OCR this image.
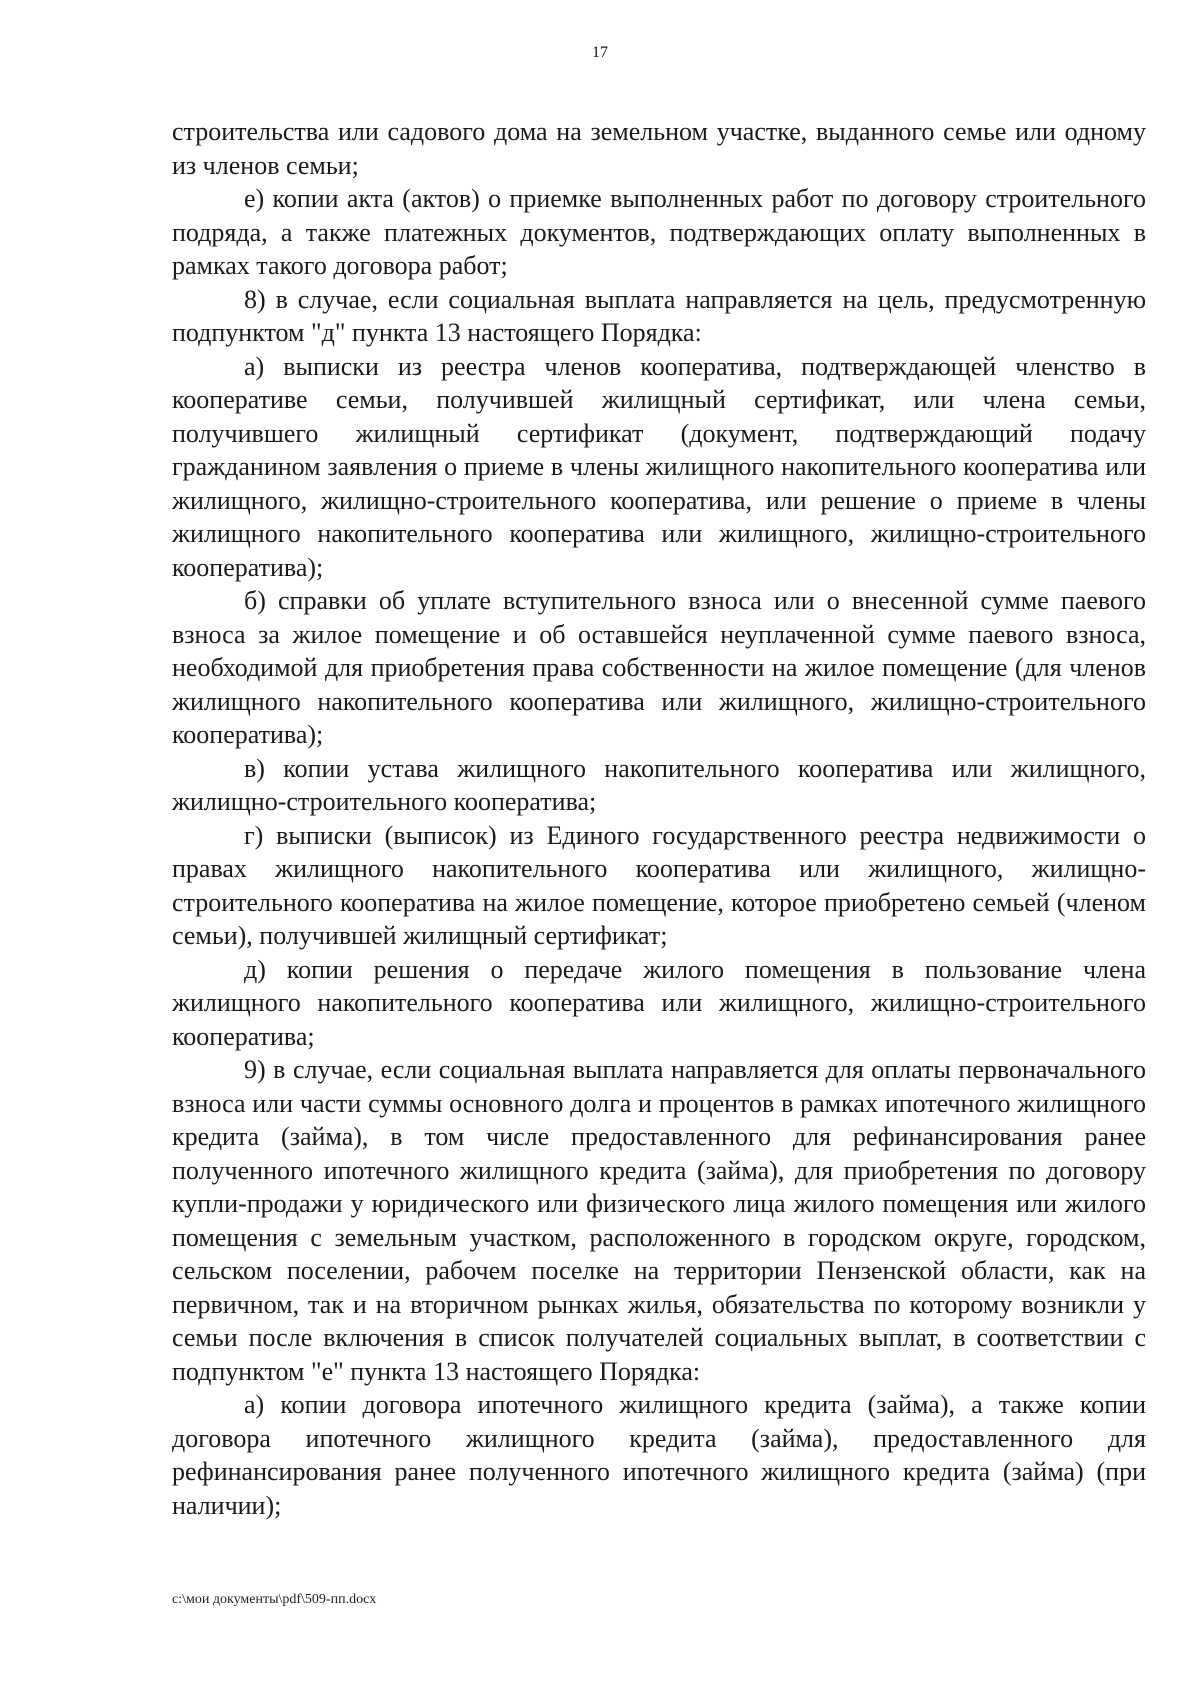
17

строительства или садового дома на земельном участке, выданного семье или одному из членов семьи;

е) копии акта (актов) о приемке выполненных работ по договору строительного подряда, а также платежных документов, подтверждающих оплату выполненных в рамках такого договора работ;

8) в случае, если социальная выплата направляется на цель, предусмотренную подпунктом "д" пункта 13 настоящего Порядка:

а) выписки из реестра членов кооператива, подтверждающей членство в кооперативе семьи, получившей жилищный сертификат, или члена семьи, получившего жилищный сертификат (документ, подтверждающий подачу гражданином заявления о приеме в члены жилищного накопительного кооператива или жилищного, жилищно-строительного кооператива, или решение о приеме в члены жилищного накопительного кооператива или жилищного, жилищно-строительного кооператива);

б) справки об уплате вступительного взноса или о внесенной сумме паевого взноса за жилое помещение и об оставшейся неуплаченной сумме паевого взноса, необходимой для приобретения права собственности на жилое помещение (для членов жилищного накопительного кооператива или жилищного, жилищно-строительного кооператива);

в) копии устава жилищного накопительного кооператива или жилищного, жилищно-строительного кооператива;

г) выписки (выписок) из Единого государственного реестра недвижимости о правах жилищного накопительного кооператива или жилищного, жилищно-строительного кооператива на жилое помещение, которое приобретено семьей (членом семьи), получившей жилищный сертификат;

д) копии решения о передаче жилого помещения в пользование члена жилищного накопительного кооператива или жилищного, жилищно-строительного кооператива;

9) в случае, если социальная выплата направляется для оплаты первоначального взноса или части суммы основного долга и процентов в рамках ипотечного жилищного кредита (займа), в том числе предоставленного для рефинансирования ранее полученного ипотечного жилищного кредита (займа), для приобретения по договору купли-продажи у юридического или физического лица жилого помещения или жилого помещения с земельным участком, расположенного в городском округе, городском, сельском поселении, рабочем поселке на территории Пензенской области, как на первичном, так и на вторичном рынках жилья, обязательства по которому возникли у семьи после включения в список получателей социальных выплат, в соответствии с подпунктом "е" пункта 13 настоящего Порядка:

а) копии договора ипотечного жилищного кредита (займа), а также копии договора ипотечного жилищного кредита (займа), предоставленного для рефинансирования ранее полученного ипотечного жилищного кредита (займа) (при наличии);

c:\мои документы\pdf\509-пп.docx
